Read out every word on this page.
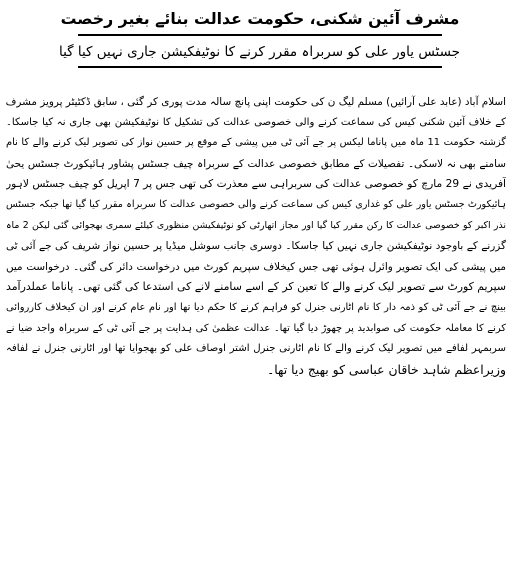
مشرف آئین شکنی، حکومت عدالت بنائے بغیر رخصت
جسٹس یاور علی کو سربراہ مقرر کرنے کا نوٹیفکیشن جاری نہیں کیا گیا
اسلام آباد (عابد علی آرائیں) مسلم لیگ ن کی حکومت اپنی پانچ سالہ مدت پوری کر گئی ، سابق ڈکٹیٹر پرویز مشرف
کے خلاف آئین شکنی کیس کی سماعت کرنے والی خصوصی عدالت کی تشکیل کا نوٹیفکیشن بھی جاری نہ کیا جاسکا۔
گزشتہ حکومت 11 ماہ میں پاناما لیکس پر جے آئی ٹی میں پیشی کے موقع پر حسین نواز کی تصویر لیک کرنے والے کا نام
سامنے بھی نہ لاسکی۔ تفصیلات کے مطابق خصوصی عدالت کے سربراہ چیف جسٹس پشاور ہائیکورٹ جسٹس یحیٰ
آفریدی نے 29 مارچ کو خصوصی عدالت کی سربراہی سے معذرت کی تھی جس پر 7 اپریل کو چیف جسٹس لاہور
ہائیکورٹ جسٹس یاور علی کو غداری کیس کی سماعت کرنے والی خصوصی عدالت کا سربراہ مقرر کیا گیا تھا جبکہ جسٹس
نذر اکبر کو خصوصی عدالت کا رکن مقرر کیا گیا اور مجاز اتھارٹی کو نوٹیفکیشن منظوری کیلئے سمری بھجوائی گئی لیکن 2 ماہ
گزرنے کے باوجود نوٹیفکیشن جاری نہیں کیا جاسکا۔ دوسری جانب سوشل میڈیا پر حسین نواز شریف کی جے آئی ٹی
میں پیشی کی ایک تصویر وائرل ہوئی تھی جس کیخلاف سپریم کورٹ میں درخواست دائر کی گئی۔ درخواست میں
سپریم کورٹ سے تصویر لیک کرنے والے کا تعین کر کے اسے سامنے لانے کی استدعا کی گئی تھی۔ پاناما عملدرآمد
بینچ نے جے آئی ٹی کو ذمہ دار کا نام اٹارنی جنرل کو فراہم کرنے کا حکم دیا تھا اور نام عام کرنے اور ان کیخلاف کارروائی
کرنے کا معاملہ حکومت کی صوابدید پر چھوڑ دیا گیا تھا۔ عدالت عظمیٰ کی ہدایت پر جے آئی ٹی کے سربراہ واجد ضیا نے
سربمہر لفافے میں تصویر لیک کرنے والے کا نام اٹارنی جنرل اشتر اوصاف علی کو بھجوایا تھا اور اٹارنی جنرل نے لفافہ
وزیراعظم شاہد خاقان عباسی کو بھیج دیا تھا۔
